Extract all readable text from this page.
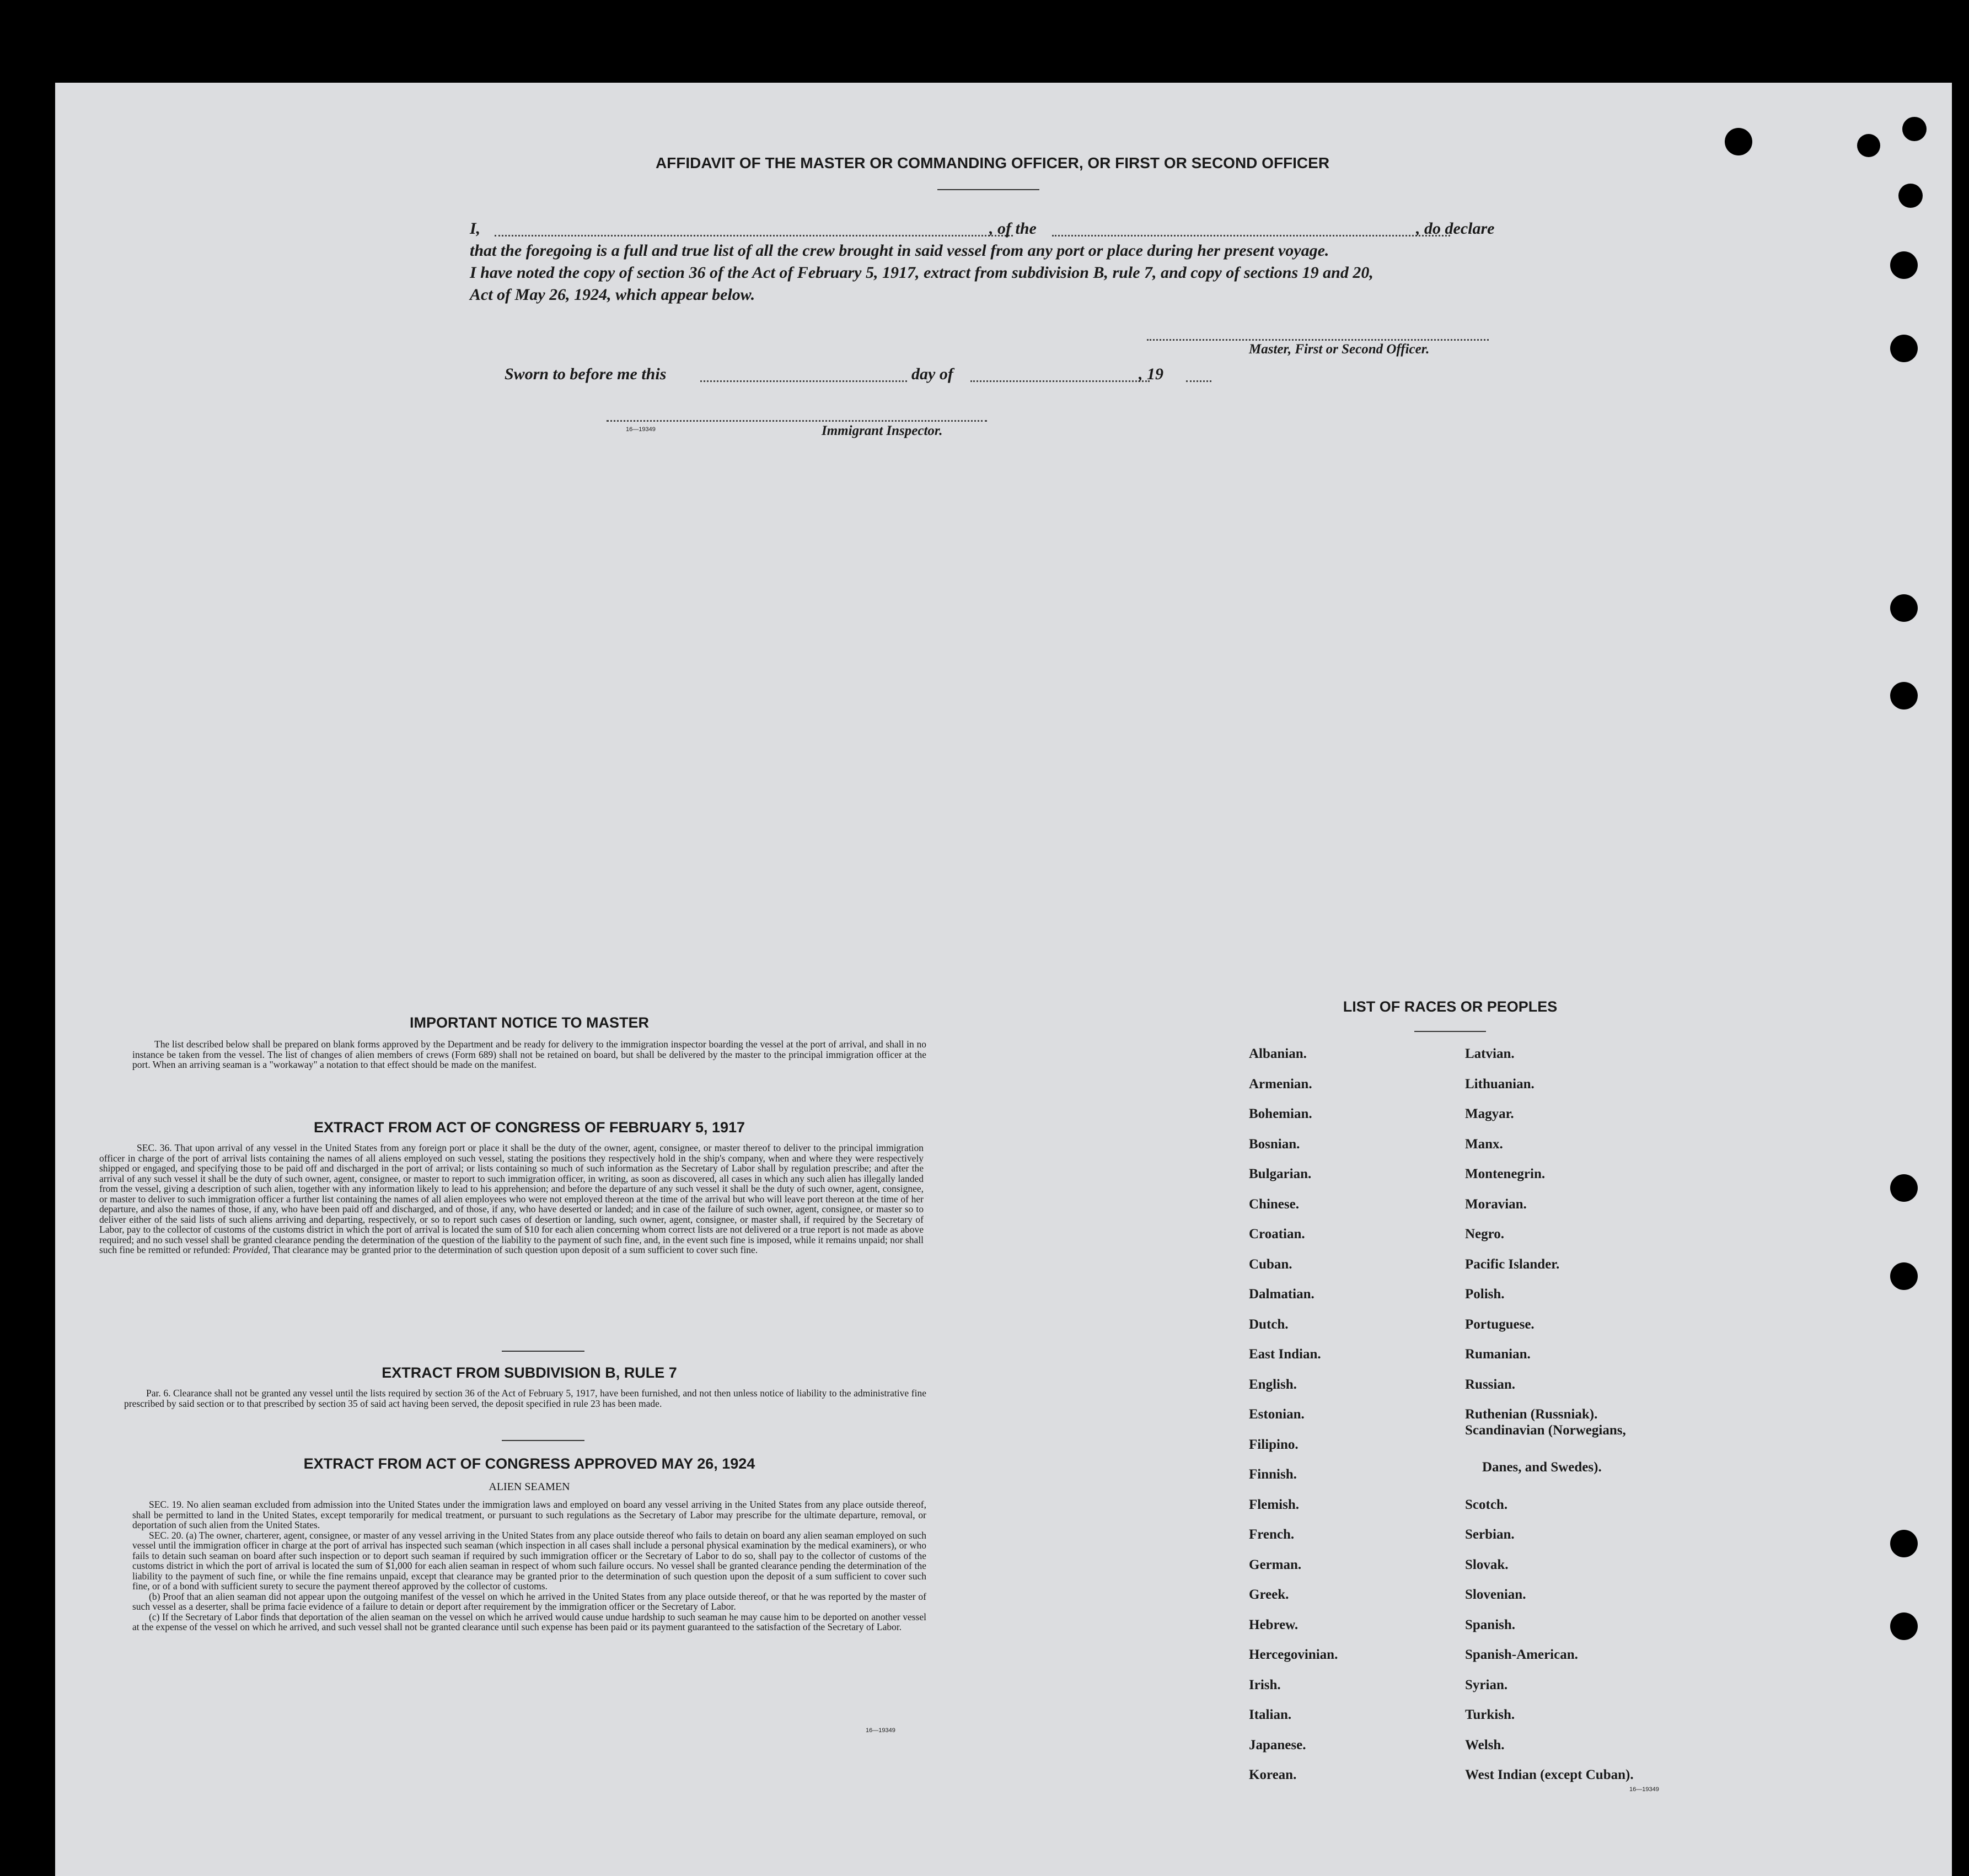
AFFIDAVIT OF THE MASTER OR COMMANDING OFFICER, OR FIRST OR SECOND OFFICER
I,	, of the	, do declare
that the foregoing is a full and true list of all the crew brought in said vessel from any port or place during her present voyage.
I have noted the copy of section 36 of the Act of February 5, 1917, extract from subdivision B, rule 7, and copy of sections 19 and 20,
Act of May 26, 1924, which appear below.
Master, First or Second Officer.
Sworn to before me this	day of	, 19
16—19349	Immigrant Inspector.
IMPORTANT NOTICE TO MASTER
The list described below shall be prepared on blank forms approved by the Department and be ready for delivery to the immigration inspector boarding the vessel at the port of arrival, and shall in no instance be taken from the vessel. The list of changes of alien members of crews (Form 689) shall not be retained on board, but shall be delivered by the master to the principal immigration officer at the port. When an arriving seaman is a "workaway" a notation to that effect should be made on the manifest.
EXTRACT FROM ACT OF CONGRESS OF FEBRUARY 5, 1917
SEC. 36. That upon arrival of any vessel in the United States from any foreign port or place it shall be the duty of the owner, agent, consignee, or master thereof to deliver to the principal immigration officer in charge of the port of arrival lists containing the names of all aliens employed on such vessel, stating the positions they respectively hold in the ship's company, when and where they were respectively shipped or engaged, and specifying those to be paid off and discharged in the port of arrival; or lists containing so much of such information as the Secretary of Labor shall by regulation prescribe; and after the arrival of any such vessel it shall be the duty of such owner, agent, consignee, or master to report to such immigration officer, in writing, as soon as discovered, all cases in which any such alien has illegally landed from the vessel, giving a description of such alien, together with any information likely to lead to his apprehension; and before the departure of any such vessel it shall be the duty of such owner, agent, consignee, or master to deliver to such immigration officer a further list containing the names of all alien employees who were not employed thereon at the time of the arrival but who will leave port thereon at the time of her departure, and also the names of those, if any, who have been paid off and discharged, and of those, if any, who have deserted or landed; and in case of the failure of such owner, agent, consignee, or master so to deliver either of the said lists of such aliens arriving and departing, respectively, or so to report such cases of desertion or landing, such owner, agent, consignee, or master shall, if required by the Secretary of Labor, pay to the collector of customs of the customs district in which the port of arrival is located the sum of $10 for each alien concerning whom correct lists are not delivered or a true report is not made as above required; and no such vessel shall be granted clearance pending the determination of the question of the liability to the payment of such fine, and, in the event such fine is imposed, while it remains unpaid; nor shall such fine be remitted or refunded: Provided, That clearance may be granted prior to the determination of such question upon deposit of a sum sufficient to cover such fine.
EXTRACT FROM SUBDIVISION B, RULE 7
Par. 6. Clearance shall not be granted any vessel until the lists required by section 36 of the Act of February 5, 1917, have been furnished, and not then unless notice of liability to the administrative fine prescribed by said section or to that prescribed by section 35 of said act having been served, the deposit specified in rule 23 has been made.
EXTRACT FROM ACT OF CONGRESS APPROVED MAY 26, 1924
ALIEN SEAMEN
SEC. 19. No alien seaman excluded from admission into the United States under the immigration laws and employed on board any vessel arriving in the United States from any place outside thereof, shall be permitted to land in the United States, except temporarily for medical treatment, or pursuant to such regulations as the Secretary of Labor may prescribe for the ultimate departure, removal, or deportation of such alien from the United States.
SEC. 20. (a) The owner, charterer, agent, consignee, or master of any vessel arriving in the United States from any place outside thereof who fails to detain on board any alien seaman employed on such vessel until the immigration officer in charge at the port of arrival has inspected such seaman (which inspection in all cases shall include a personal physical examination by the medical examiners), or who fails to detain such seaman on board after such inspection or to deport such seaman if required by such immigration officer or the Secretary of Labor to do so, shall pay to the collector of customs of the customs district in which the port of arrival is located the sum of $1,000 for each alien seaman in respect of whom such failure occurs. No vessel shall be granted clearance pending the determination of the liability to the payment of such fine, or while the fine remains unpaid, except that clearance may be granted prior to the determination of such question upon the deposit of a sum sufficient to cover such fine, or of a bond with sufficient surety to secure the payment thereof approved by the collector of customs.
(b) Proof that an alien seaman did not appear upon the outgoing manifest of the vessel on which he arrived in the United States from any place outside thereof, or that he was reported by the master of such vessel as a deserter, shall be prima facie evidence of a failure to detain or deport after requirement by the immigration officer or the Secretary of Labor.
(c) If the Secretary of Labor finds that deportation of the alien seaman on the vessel on which he arrived would cause undue hardship to such seaman he may cause him to be deported on another vessel at the expense of the vessel on which he arrived, and such vessel shall not be granted clearance until such expense has been paid or its payment guaranteed to the satisfaction of the Secretary of Labor.
16—19349
LIST OF RACES OR PEOPLES
Albanian.
Armenian.
Bohemian.
Bosnian.
Bulgarian.
Chinese.
Croatian.
Cuban.
Dalmatian.
Dutch.
East Indian.
English.
Estonian.
Filipino.
Finnish.
Flemish.
French.
German.
Greek.
Hebrew.
Hercegovinian.
Irish.
Italian.
Japanese.
Korean.
Latvian.
Lithuanian.
Magyar.
Manx.
Montenegrin.
Moravian.
Negro.
Pacific Islander.
Polish.
Portuguese.
Rumanian.
Russian.
Ruthenian (Russniak).
Scandinavian (Norwegians,
Scotch.
Serbian.
Slovak.
Slovenian.
Spanish.
Spanish-American.
Syrian.
Turkish.
Welsh.
West Indian (except Cuban).
Danes, and Swedes).
16—19349
